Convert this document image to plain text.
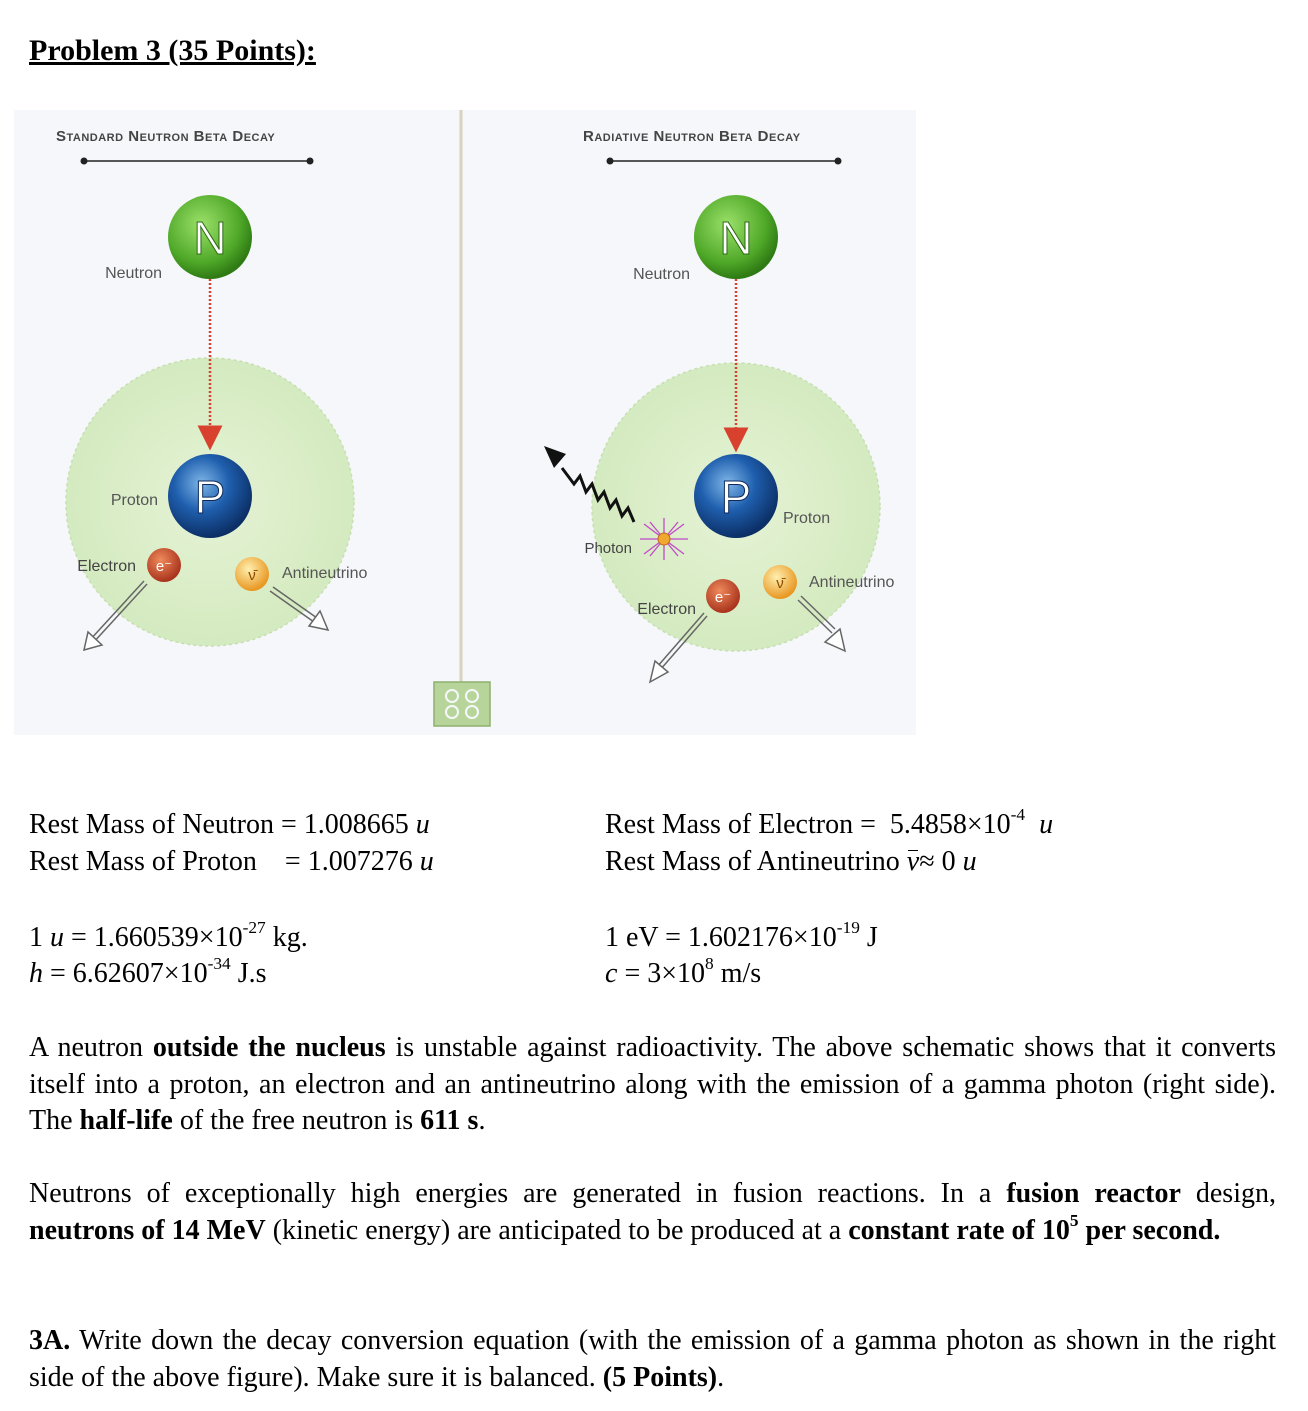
Problem 3 (35 Points):
Standard Neutron Beta Decay
N
Neutron
P
Proton
e⁻
Electron
ν̄ Antineutrino
Radiative Neutron Beta Decay
N
Neutron
P Proton
Photon
e⁻
Electron
ν̄ Antineutrino
Rest Mass of Neutron = 1.008665 u
Rest Mass of Proton = 1.007276 u
Rest Mass of Electron = $5.4858\times 10^{-4}$ u
Rest Mass of Antineutrino ν≈ 0 u
1 $u = 1.660539\times 10^{-27}$ kg.
$h = 6.62607\times 10^{-34}$ J.s
1 eV = $1.602176\times 10^{-19}$ J
$c = 3\times 10^8$ m/s
A neutron outside the nucleus is unstable against radioactivity. The above schematic shows that it converts itself into a proton, an electron and an antineutrino along with the emission of a gamma photon (right side). The half-life of the free neutron is 611 s.
Neutrons of exceptionally high energies are generated in fusion reactions. In a fusion reactor design, neutrons of 14 MeV (kinetic energy) are anticipated to be produced at a constant rate of $10^5$ per second.
3A. Write down the decay conversion equation (with the emission of a gamma photon as shown in the right side of the above figure). Make sure it is balanced. (5 Points).
